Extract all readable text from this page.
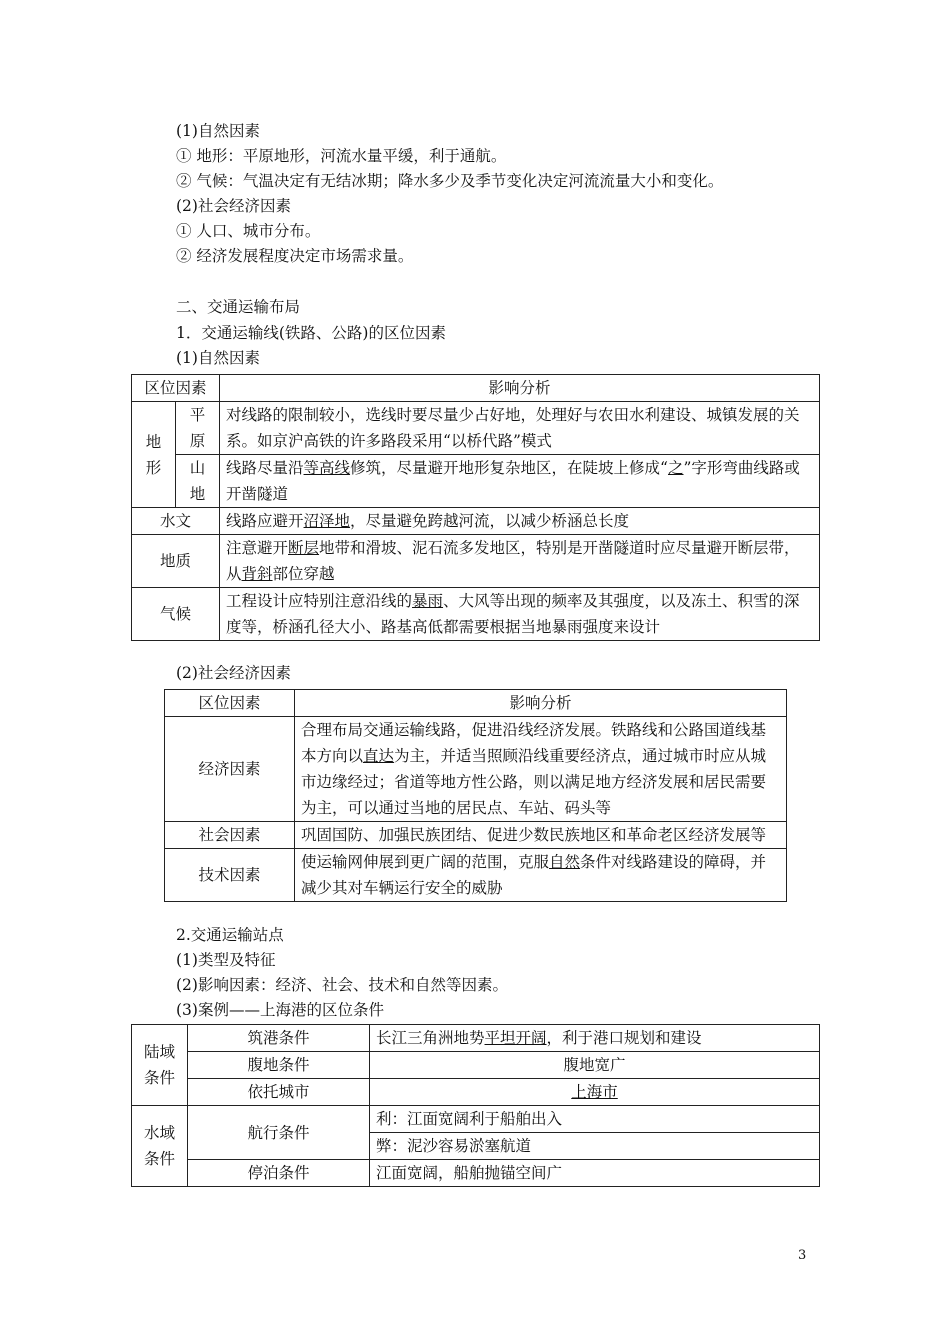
(1)自然因素
① 地形：平原地形，河流水量平缓，利于通航。
② 气候：气温决定有无结冰期；降水多少及季节变化决定河流流量大小和变化。
(2)社会经济因素
① 人口、城市分布。
② 经济发展程度决定市场需求量。
二、交通运输布局
1．交通运输线(铁路、公路)的区位因素
(1)自然因素
区位因素		影响分析

地形	平原	对线路的限制较小，选线时要尽量少占好地，处理好与农田水利建设、城镇发展的关系。如京沪高铁的许多路段采用“以桥代路”模式

	山地	线路尽量沿等高线修筑，尽量避开地形复杂地区，在陡坡上修成“之”字形弯曲线路或开凿隧道
水文		线路应避开沼泽地，尽量避免跨越河流，以减少桥涵总长度
地质		注意避开断层地带和滑坡、泥石流多发地区，特别是开凿隧道时应尽量避开断层带，从背斜部位穿越
气候		工程设计应特别注意沿线的暴雨、大风等出现的频率及其强度，以及冻土、积雪的深度等，桥涵孔径大小、路基高低都需要根据当地暴雨强度来设计
(2)社会经济因素
区位因素	影响分析
经济因素	合理布局交通运输线路，促进沿线经济发展。铁路线和公路国道线基本方向以直达为主，并适当照顾沿线重要经济点，通过城市时应从城市边缘经过；省道等地方性公路，则以满足地方经济发展和居民需要为主，可以通过当地的居民点、车站、码头等
社会因素	巩固国防、加强民族团结、促进少数民族地区和革命老区经济发展等
技术因素	使运输网伸展到更广阔的范围，克服自然条件对线路建设的障碍，并减少其对车辆运行安全的威胁
2.交通运输站点
(1)类型及特征
(2)影响因素：经济、社会、技术和自然等因素。
(3)案例——上海港的区位条件
陆域条件	筑港条件	长江三角洲地势平坦开阔，利于港口规划和建设
	腹地条件	腹地宽广
	依托城市	上海市

水域条件	航行条件	利：江面宽阔利于船舶出入
		弊：泥沙容易淤塞航道
	停泊条件	江面宽阔，船舶抛锚空间广
3
